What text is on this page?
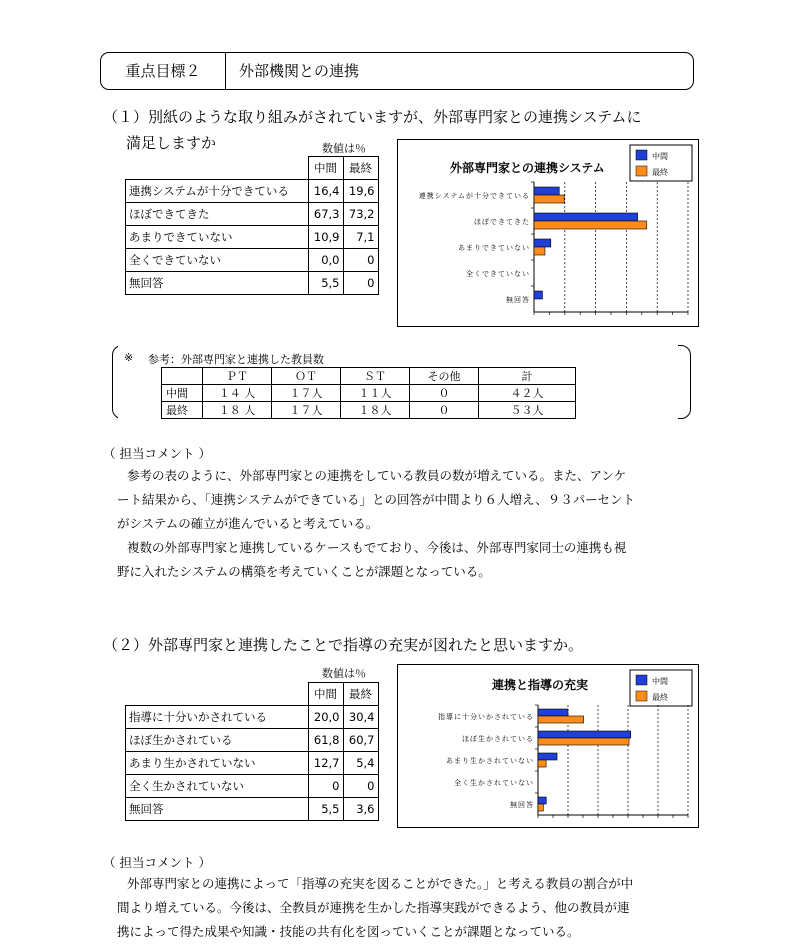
重点目標２	外部機関との連携
（１）別紙のような取り組みがされていますが、外部専門家との連携システムに
満足しますか	数値は％
	中間	最終
連携システムが十分できている	16,4	19,6
ほぼできてきた	67,3	73,2
あまりできていない	10,9	7,1
全くできていない	0,0	0
無回答	5,5	0
外部専門家との連携システム
中間
最終
連携システムが十分できている
ほぼできてきた
あまりできていない
全くできていない
無回答
※ 参考：外部専門家と連携した教員数
	ＰＴ	ＯＴ	ＳＴ	その他	計
中間	１４ 人	１７人	１１人	０	４２人
最終	１８ 人	１７人	１８人	０	５３人
（ 担当コメント ）
参考の表のように、外部専門家との連携をしている教員の数が増えている。また、アンケ
ート結果から、「連携システムができている」との回答が中間より６人増え、９３パーセント
がシステムの確立が進んでいると考えている。
複数の外部専門家と連携しているケースもでており、今後は、外部専門家同士の連携も視
野に入れたシステムの構築を考えていくことが課題となっている。
（２）外部専門家と連携したことで指導の充実が図れたと思いますか。
数値は％
	中間	最終
指導に十分いかされている	20,0	30,4
ほぼ生かされている	61,8	60,7
あまり生かされていない	12,7	5,4
全く生かされていない	0	0
無回答	5,5	3,6
連携と指導の充実	中間
最終
指導に十分いかされている
ほぼ生かされている
あまり生かされていない
全く生かされていない
無回答
（ 担当コメント ）
外部専門家との連携によって「指導の充実を図ることができた。」と考える教員の割合が中
間より増えている。今後は、全教員が連携を生かした指導実践ができるよう、他の教員が連
携によって得た成果や知識・技能の共有化を図っていくことが課題となっている。
